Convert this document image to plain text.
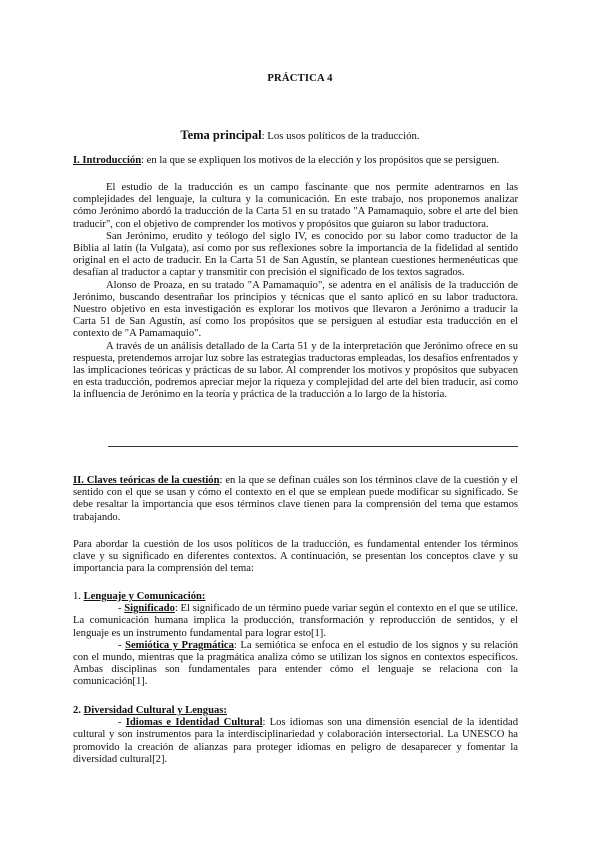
PRÁCTICA 4
Tema principal: Los usos políticos de la traducción.

I. Introducción: en la que se expliquen los motivos de la elección y los propósitos que se persiguen.

El estudio de la traducción es un campo fascinante que nos permite adentrarnos en las complejidades del lenguaje, la cultura y la comunicación. En este trabajo, nos proponemos analizar cómo Jerónimo abordó la traducción de la Carta 51 en su tratado "A Pamamaquio, sobre el arte del bien traducir", con el objetivo de comprender los motivos y propósitos que guiaron su labor traductora.

San Jerónimo, erudito y teólogo del siglo IV, es conocido por su labor como traductor de la Biblia al latín (la Vulgata), así como por sus reflexiones sobre la importancia de la fidelidad al sentido original en el acto de traducir. En la Carta 51 de San Agustín, se plantean cuestiones hermenéuticas que desafían al traductor a captar y transmitir con precisión el significado de los textos sagrados.

Alonso de Proaza, en su tratado "A Pamamaquio", se adentra en el análisis de la traducción de Jerónimo, buscando desentrañar los principios y técnicas que el santo aplicó en su labor traductora. Nuestro objetivo en esta investigación es explorar los motivos que llevaron a Jerónimo a traducir la Carta 51 de San Agustín, así como los propósitos que se persiguen al estudiar esta traducción en el contexto de "A Pamamaquio".

A través de un análisis detallado de la Carta 51 y de la interpretación que Jerónimo ofrece en su respuesta, pretendemos arrojar luz sobre las estrategias traductoras empleadas, los desafíos enfrentados y las implicaciones teóricas y prácticas de su labor. Al comprender los motivos y propósitos que subyacen en esta traducción, podremos apreciar mejor la riqueza y complejidad del arte del bien traducir, así como la influencia de Jerónimo en la teoría y práctica de la traducción a lo largo de la historia.

II. Claves teóricas de la cuestión: en la que se definan cuáles son los términos clave de la cuestión y el sentido con el que se usan y cómo el contexto en el que se emplean puede modificar su significado. Se debe resaltar la importancia que esos términos clave tienen para la comprensión del tema que estamos trabajando.

Para abordar la cuestión de los usos políticos de la traducción, es fundamental entender los términos clave y su significado en diferentes contextos. A continuación, se presentan los conceptos clave y su importancia para la comprensión del tema:

1. Lenguaje y Comunicación:

- Significado: El significado de un término puede variar según el contexto en el que se utilice. La comunicación humana implica la producción, transformación y reproducción de sentidos, y el lenguaje es un instrumento fundamental para lograr esto[1].

- Semiótica y Pragmática: La semiótica se enfoca en el estudio de los signos y su relación con el mundo, mientras que la pragmática analiza cómo se utilizan los signos en contextos específicos. Ambas disciplinas son fundamentales para entender cómo el lenguaje se relaciona con la comunicación[1].

2. Diversidad Cultural y Lenguas:

- Idiomas e Identidad Cultural: Los idiomas son una dimensión esencial de la identidad cultural y son instrumentos para la interdisciplinariedad y colaboración intersectorial. La UNESCO ha promovido la creación de alianzas para proteger idiomas en peligro de desaparecer y fomentar la diversidad cultural[2].
